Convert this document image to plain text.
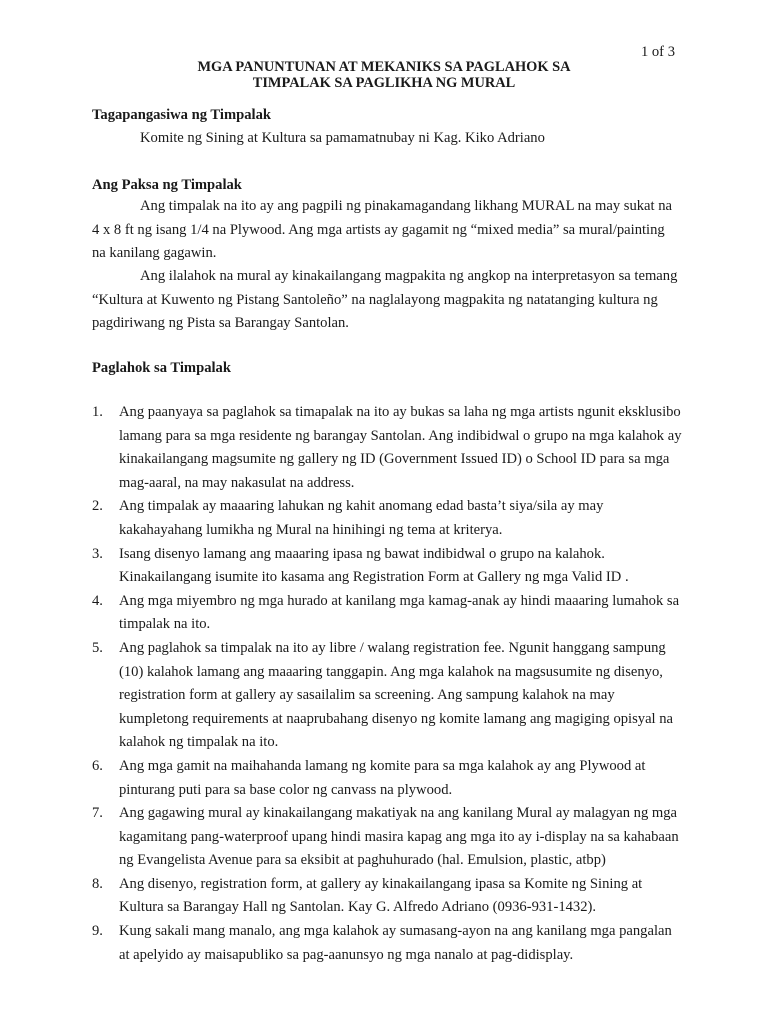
1 of 3
MGA PANUNTUNAN AT MEKANIKS SA PAGLAHOK SA
TIMPALAK SA PAGLIKHA NG MURAL
Tagapangasiwa ng Timpalak
Komite ng Sining at Kultura sa pamamatnubay ni Kag. Kiko Adriano
Ang Paksa ng Timpalak
Ang timpalak na ito ay ang pagpili ng pinakamagandang likhang MURAL na may sukat na 4 x 8 ft ng isang 1/4 na Plywood. Ang mga artists ay gagamit ng “mixed media” sa mural/painting na kanilang gagawin.
Ang ilalahok na mural ay kinakailangang magpakita ng angkop na interpretasyon sa temang “Kultura at Kuwento ng Pistang Santoleño” na naglalayong magpakita ng natatanging kultura ng pagdiriwang ng Pista sa Barangay Santolan.
Paglahok sa Timpalak
1. Ang paanyaya sa paglahok sa timapalak na ito ay bukas sa laha ng mga artists ngunit eksklusibo lamang para sa mga residente ng barangay Santolan. Ang indibidwal o grupo na mga kalahok ay kinakailangang magsumite ng gallery ng ID (Government Issued ID) o School ID para sa mga mag-aaral, na may nakasulat na address.
2. Ang timpalak ay maaaring lahukan ng kahit anomang edad basta’t siya/sila ay may kakahayahang lumikha ng Mural na hinihingi ng tema at kriterya.
3. Isang disenyo lamang ang maaaring ipasa ng bawat indibidwal o grupo na kalahok. Kinakailangang isumite ito kasama ang Registration Form at Gallery ng mga Valid ID .
4. Ang mga miyembro ng mga hurado at kanilang mga kamag-anak ay hindi maaaring lumahok sa timpalak na ito.
5. Ang paglahok sa timpalak na ito ay libre / walang registration fee. Ngunit hanggang sampung (10) kalahok lamang ang maaaring tanggapin. Ang mga kalahok na magsusumite ng disenyo, registration form at gallery ay sasailalim sa screening. Ang sampung kalahok na may kumpletong requirements at naaprubahang disenyo ng komite lamang ang magiging opisyal na kalahok ng timpalak na ito.
6. Ang mga gamit na maihahanda lamang ng komite para sa mga kalahok ay ang Plywood at pinturang puti para sa base color ng canvass na plywood.
7. Ang gagawing mural ay kinakailangang makatiyak na ang kanilang Mural ay malagyan ng mga kagamitang pang-waterproof upang hindi masira kapag ang mga ito ay i-display na sa kahabaan ng Evangelista Avenue para sa eksibit at paghuhurado (hal. Emulsion, plastic, atbp)
8. Ang disenyo, registration form, at gallery ay kinakailangang ipasa sa Komite ng Sining at Kultura sa Barangay Hall ng Santolan. Kay G. Alfredo Adriano (0936-931-1432).
9. Kung sakali mang manalo, ang mga kalahok ay sumasang-ayon na ang kanilang mga pangalan at apelyido ay maisapubliko sa pag-aanunsyo ng mga nanalo at pag-didisplay.
